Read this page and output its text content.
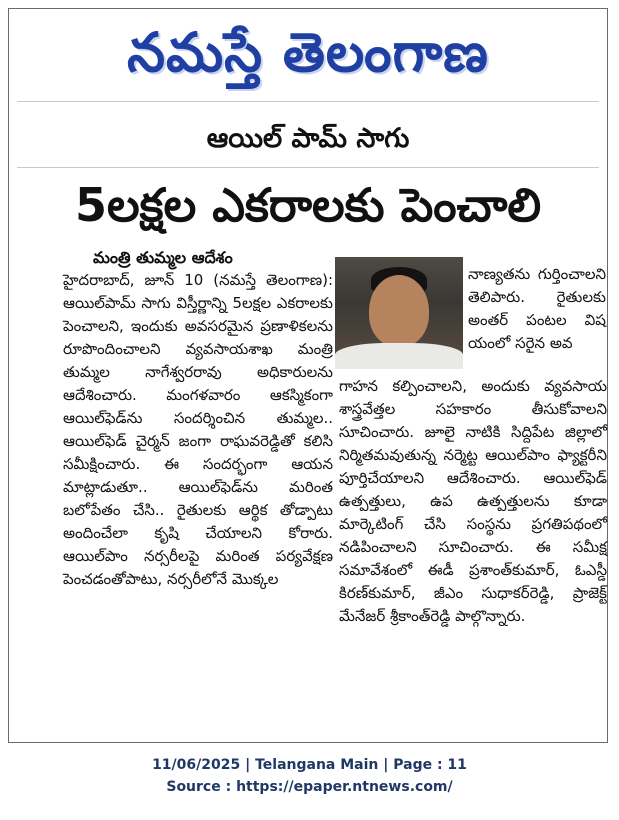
నమస్తే తెలంగాణ
ఆయిల్ పామ్ సాగు
5లక్షల ఎకరాలకు పెంచాలి
మంత్రి తుమ్మల ఆదేశం

హైదరాబాద్, జూన్ 10 (నమస్తే తెలంగాణ): ఆయిల్‌పామ్ సాగు విస్తీర్ణాన్ని 5లక్షల ఎకరాలకు పెంచాలని, ఇందుకు అవసరమైన ప్రణాళికలను రూపొందించాలని వ్యవసాయశాఖ మంత్రి తుమ్మల నాగేశ్వరరావు అధికారులను ఆదేశించారు. మంగళవారం ఆకస్మికంగా ఆయిల్‌ఫెడ్‌ను సందర్శించిన తుమ్మల.. ఆయిల్‌ఫెడ్ చైర్మన్ జంగా రాఘవరెడ్డితో కలిసి సమీక్షించారు. ఈ సందర్భంగా ఆయన మాట్లాడుతూ.. ఆయిల్‌ఫెడ్‌ను మరింత బలోపేతం చేసి.. రైతులకు ఆర్థిక తోడ్పాటు అందించేలా కృషి చేయాలని కోరారు. ఆయిల్‌పాం నర్సరీలపై మరింత పర్యవేక్షణ పెంచడంతోపాటు, నర్సరీలోనే మొక్కల

నాణ్యతను గుర్తించాలని తెలిపారు. రైతులకు అంతర్ పంటల విష యంలో సరైన అవ

గాహన కల్పించాలని, అందుకు వ్యవసాయ శాస్త్రవేత్తల సహకారం తీసుకోవాలని సూచించారు. జూలై నాటికి సిద్దిపేట జిల్లాలో నిర్మితమవుతున్న నర్మెట్ట ఆయిల్‌పాం ఫ్యాక్టరీని పూర్తిచేయాలని ఆదేశించారు. ఆయిల్‌ఫెడ్ ఉత్పత్తులు, ఉప ఉత్పత్తులను కూడా మార్కెటింగ్ చేసి సంస్థను ప్రగతిపథంలో నడిపించాలని సూచించారు. ఈ సమీక్ష సమావేశంలో ఈడీ ప్రశాంత్‌కుమార్, ఓఎస్డీ కిరణ్‌కుమార్, జీఎం సుధాకర్‌రెడ్డి, ప్రాజెక్ట్ మేనేజర్ శ్రీకాంత్‌రెడ్డి పాల్గొన్నారు.

11/06/2025 | Telangana Main | Page : 11
Source : https://epaper.ntnews.com/
